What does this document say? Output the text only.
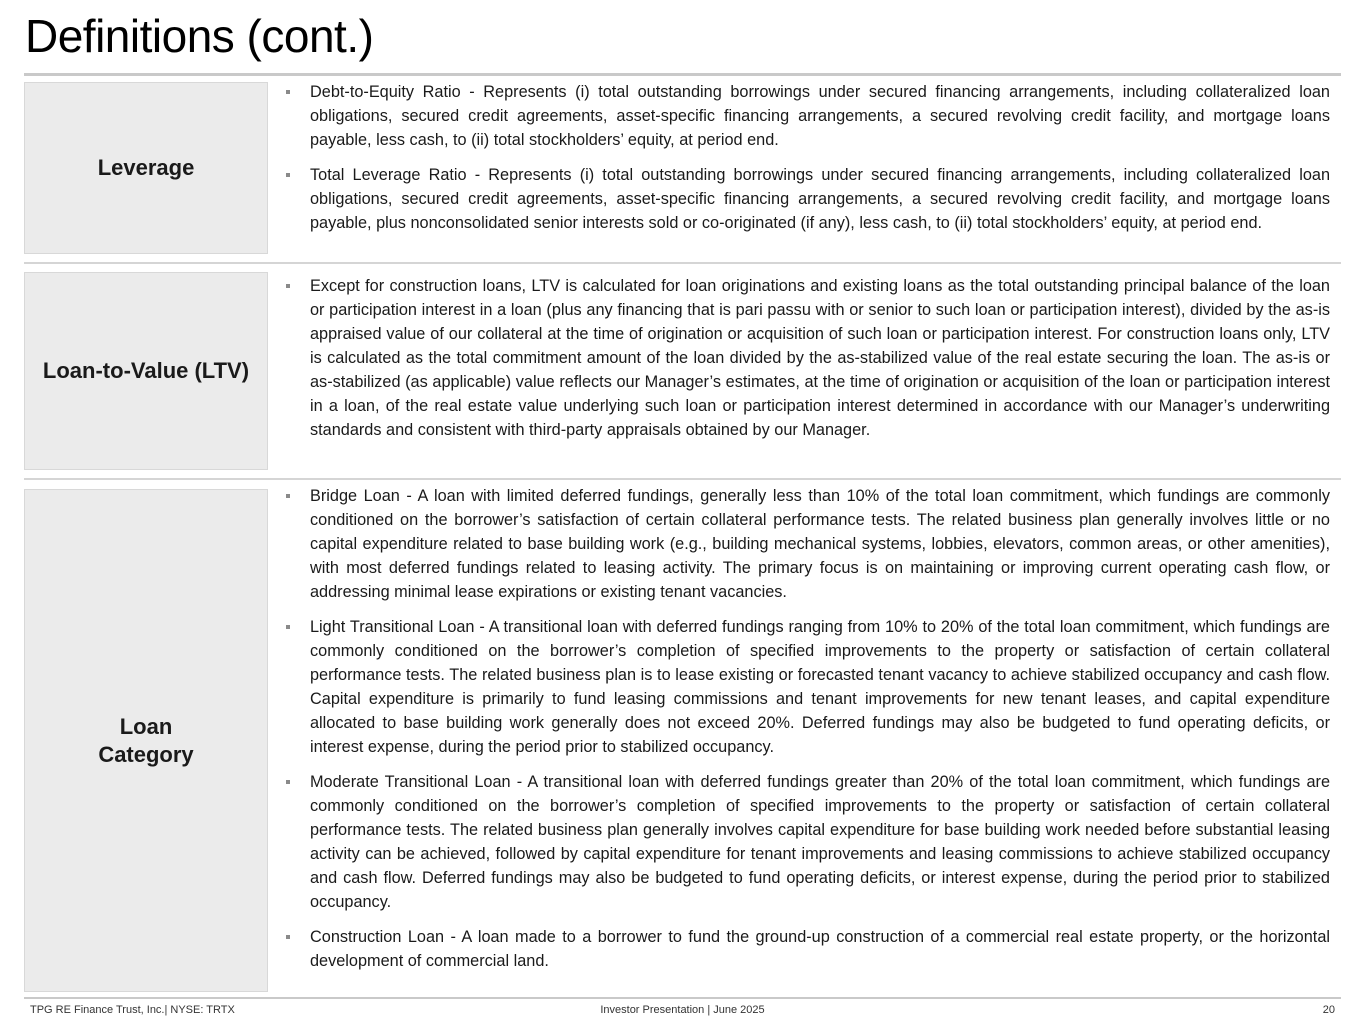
Definitions (cont.)
Leverage
Debt-to-Equity Ratio - Represents (i) total outstanding borrowings under secured financing arrangements, including collateralized loan obligations, secured credit agreements, asset-specific financing arrangements, a secured revolving credit facility, and mortgage loans payable, less cash, to (ii) total stockholders’ equity, at period end.
Total Leverage Ratio - Represents (i) total outstanding borrowings under secured financing arrangements, including collateralized loan obligations, secured credit agreements, asset-specific financing arrangements, a secured revolving credit facility, and mortgage loans payable, plus nonconsolidated senior interests sold or co-originated (if any), less cash, to (ii) total stockholders’ equity, at period end.
Loan-to-Value (LTV)
Except for construction loans, LTV is calculated for loan originations and existing loans as the total outstanding principal balance of the loan or participation interest in a loan (plus any financing that is pari passu with or senior to such loan or participation interest), divided by the as-is appraised value of our collateral at the time of origination or acquisition of such loan or participation interest. For construction loans only, LTV is calculated as the total commitment amount of the loan divided by the as-stabilized value of the real estate securing the loan. The as-is or as-stabilized (as applicable) value reflects our Manager’s estimates, at the time of origination or acquisition of the loan or participation interest in a loan, of the real estate value underlying such loan or participation interest determined in accordance with our Manager’s underwriting standards and consistent with third-party appraisals obtained by our Manager.
Loan
Category
Bridge Loan - A loan with limited deferred fundings, generally less than 10% of the total loan commitment, which fundings are commonly conditioned on the borrower’s satisfaction of certain collateral performance tests. The related business plan generally involves little or no capital expenditure related to base building work (e.g., building mechanical systems, lobbies, elevators, common areas, or other amenities), with most deferred fundings related to leasing activity. The primary focus is on maintaining or improving current operating cash flow, or addressing minimal lease expirations or existing tenant vacancies.
Light Transitional Loan - A transitional loan with deferred fundings ranging from 10% to 20% of the total loan commitment, which fundings are commonly conditioned on the borrower’s completion of specified improvements to the property or satisfaction of certain collateral performance tests. The related business plan is to lease existing or forecasted tenant vacancy to achieve stabilized occupancy and cash flow. Capital expenditure is primarily to fund leasing commissions and tenant improvements for new tenant leases, and capital expenditure allocated to base building work generally does not exceed 20%. Deferred fundings may also be budgeted to fund operating deficits, or interest expense, during the period prior to stabilized occupancy.
Moderate Transitional Loan - A transitional loan with deferred fundings greater than 20% of the total loan commitment, which fundings are commonly conditioned on the borrower’s completion of specified improvements to the property or satisfaction of certain collateral performance tests. The related business plan generally involves capital expenditure for base building work needed before substantial leasing activity can be achieved, followed by capital expenditure for tenant improvements and leasing commissions to achieve stabilized occupancy and cash flow. Deferred fundings may also be budgeted to fund operating deficits, or interest expense, during the period prior to stabilized occupancy.
Construction Loan - A loan made to a borrower to fund the ground-up construction of a commercial real estate property, or the horizontal development of commercial land.
TPG RE Finance Trust, Inc.| NYSE: TRTX	Investor Presentation | June 2025	20
